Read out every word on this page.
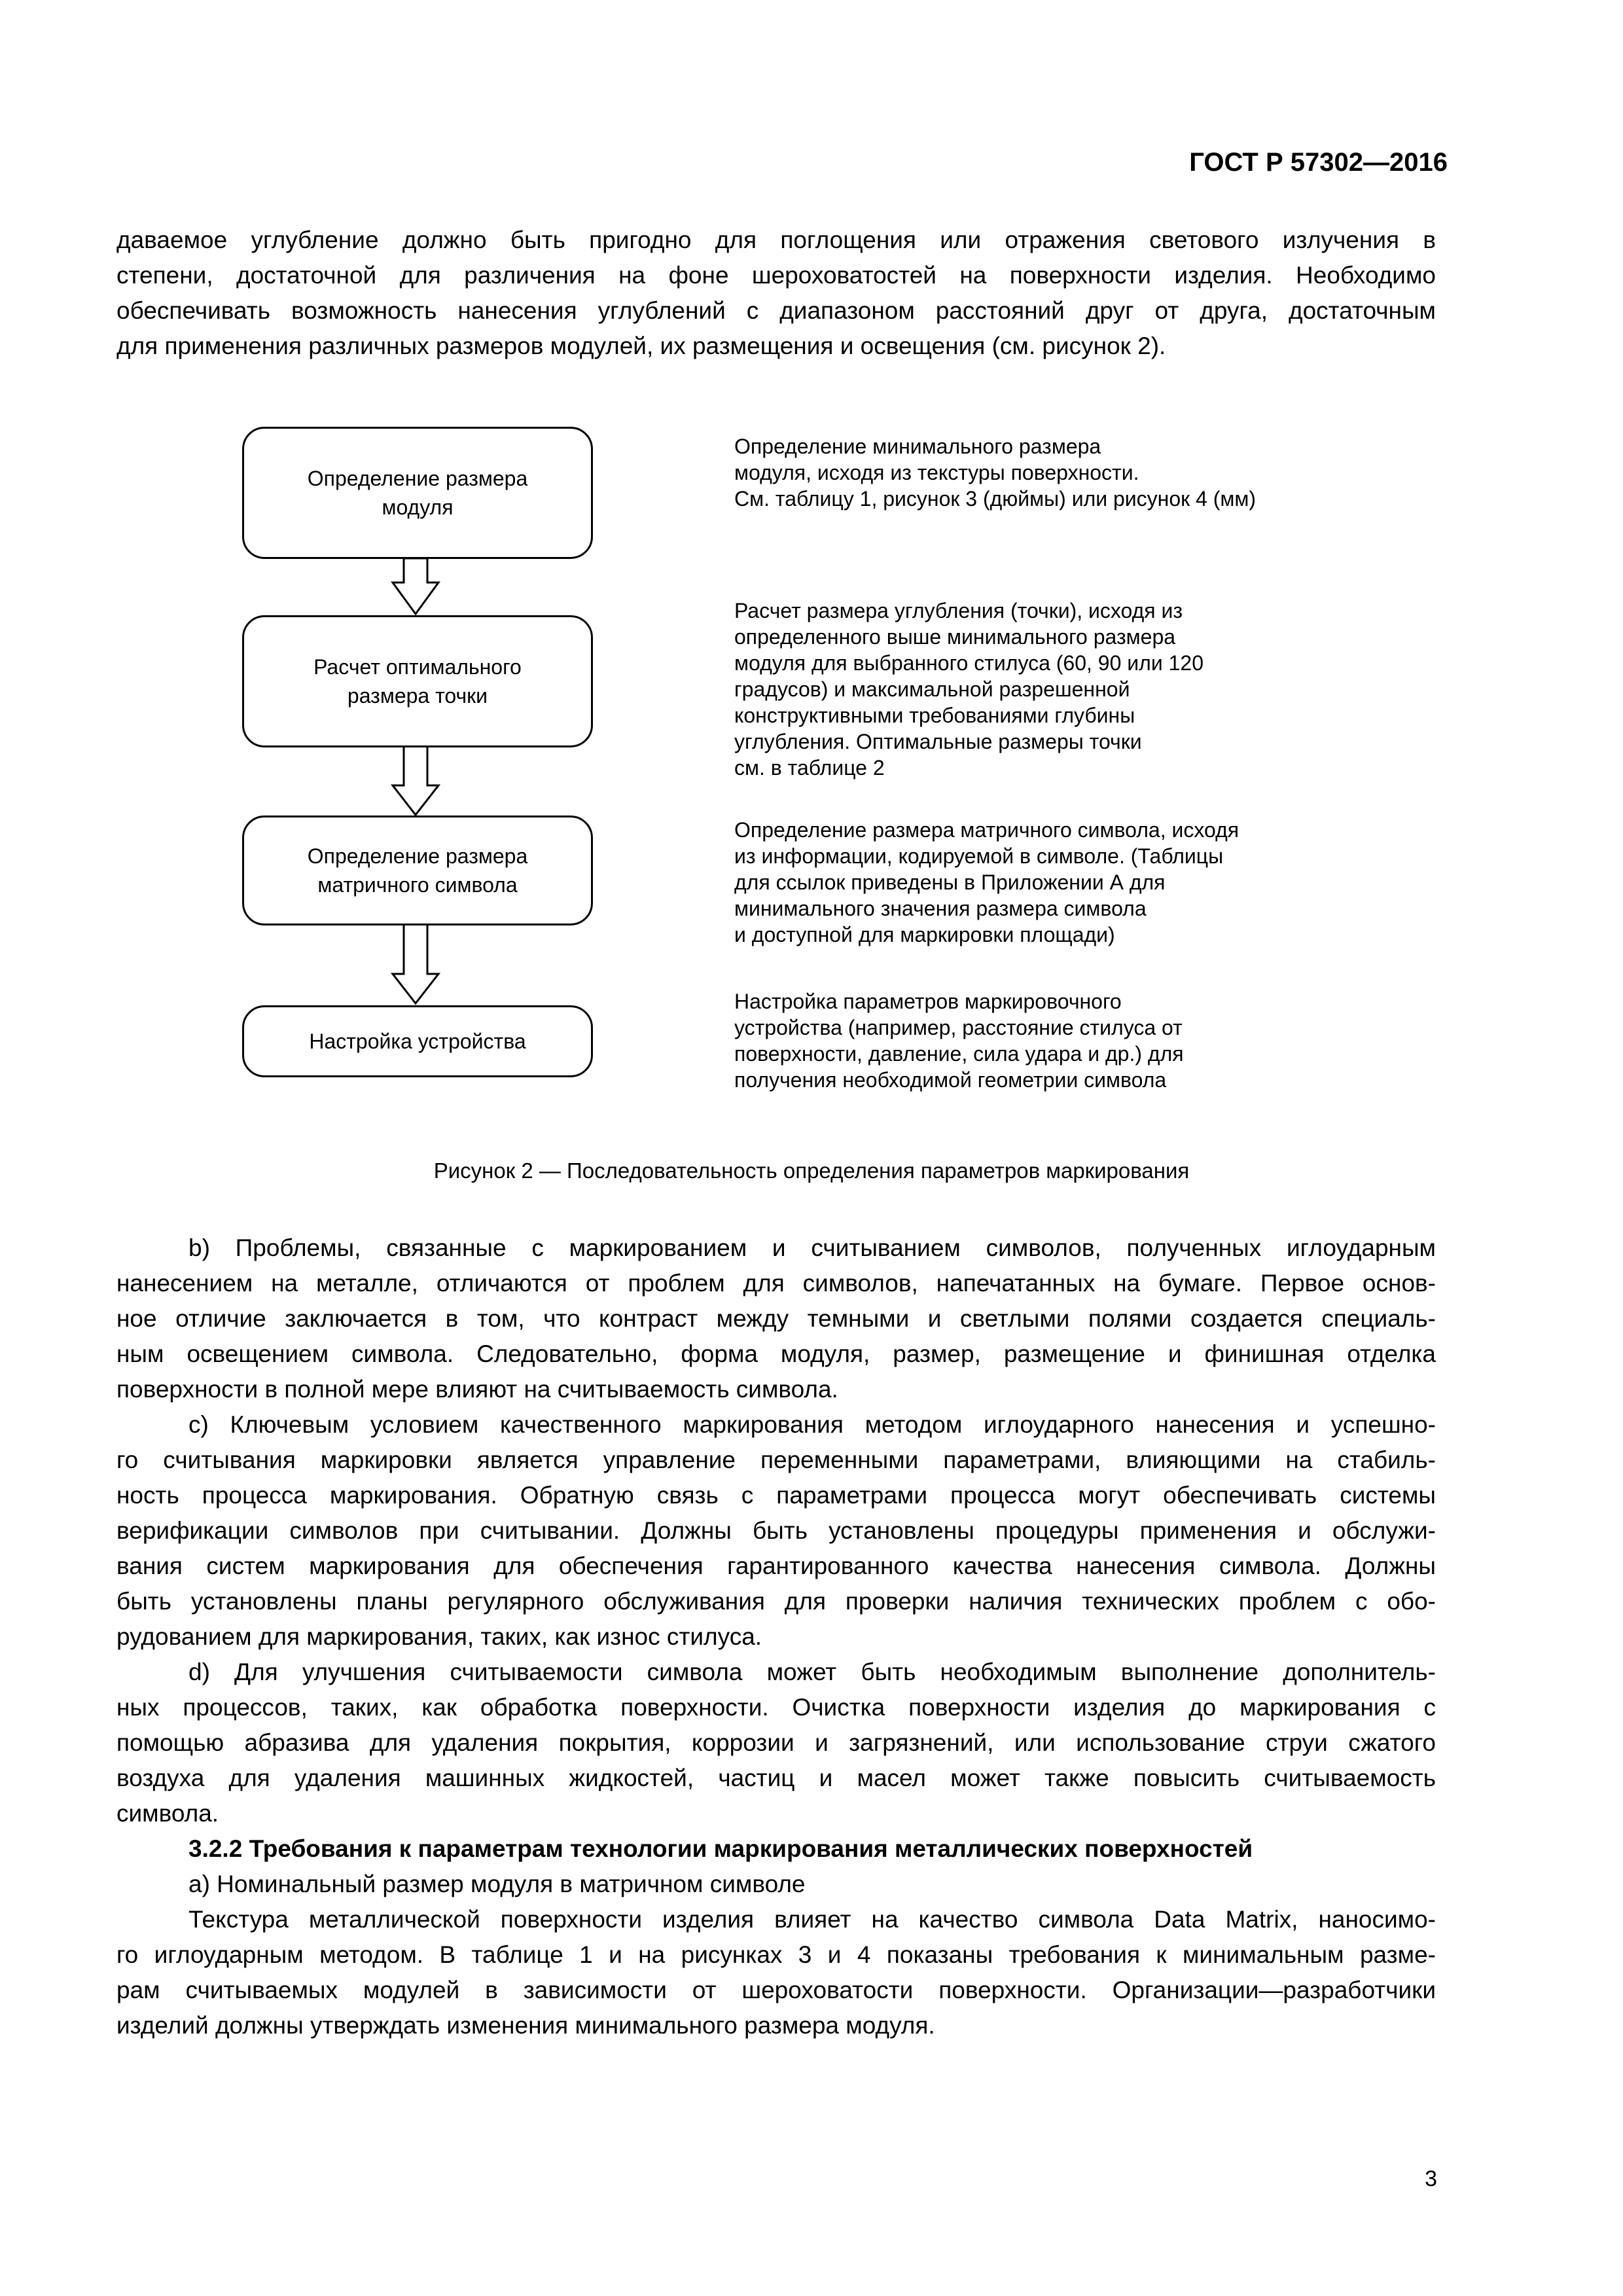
ГОСТ Р 57302—2016
даваемое углубление должно быть пригодно для поглощения или отражения светового излучения в
степени, достаточной для различения на фоне шероховатостей на поверхности изделия. Необходимо
обеспечивать возможность нанесения углублений с диапазоном расстояний друг от друга, достаточным
для применения различных размеров модулей, их размещения и освещения (см. рисунок 2).
Определение размера
модуля
Расчет оптимального
размера точки
Определение размера
матричного символа
Настройка устройства
Определение минимального размера
модуля, исходя из текстуры поверхности.
См. таблицу 1, рисунок 3 (дюймы) или рисунок 4 (мм)
Расчет размера углубления (точки), исходя из
определенного выше минимального размера
модуля для выбранного стилуса (60, 90 или 120
градусов) и максимальной разрешенной
конструктивными требованиями глубины
углубления. Оптимальные размеры точки
см. в таблице 2
Определение размера матричного символа, исходя
из информации, кодируемой в символе. (Таблицы
для ссылок приведены в Приложении А для
минимального значения размера символа
и доступной для маркировки площади)
Настройка параметров маркировочного
устройства (например, расстояние стилуса от
поверхности, давление, сила удара и др.) для
получения необходимой геометрии символа
Рисунок 2 — Последовательность определения параметров маркирования
b) Проблемы, связанные с маркированием и считыванием символов, полученных иглоударным
нанесением на металле, отличаются от проблем для символов, напечатанных на бумаге. Первое основ-
ное отличие заключается в том, что контраст между темными и светлыми полями создается специаль-
ным освещением символа. Следовательно, форма модуля, размер, размещение и финишная отделка
поверхности в полной мере влияют на считываемость символа.
c) Ключевым условием качественного маркирования методом иглоударного нанесения и успешно-
го считывания маркировки является управление переменными параметрами, влияющими на стабиль-
ность процесса маркирования. Обратную связь с параметрами процесса могут обеспечивать системы
верификации символов при считывании. Должны быть установлены процедуры применения и обслужи-
вания систем маркирования для обеспечения гарантированного качества нанесения символа. Должны
быть установлены планы регулярного обслуживания для проверки наличия технических проблем с обо-
рудованием для маркирования, таких, как износ стилуса.
d) Для улучшения считываемости символа может быть необходимым выполнение дополнитель-
ных процессов, таких, как обработка поверхности. Очистка поверхности изделия до маркирования с
помощью абразива для удаления покрытия, коррозии и загрязнений, или использование струи сжатого
воздуха для удаления машинных жидкостей, частиц и масел может также повысить считываемость
символа.
3.2.2 Требования к параметрам технологии маркирования металлических поверхностей
а) Номинальный размер модуля в матричном символе
Текстура металлической поверхности изделия влияет на качество символа Data Matrix, наносимо-
го иглоударным методом. В таблице 1 и на рисунках 3 и 4 показаны требования к минимальным разме-
рам считываемых модулей в зависимости от шероховатости поверхности. Организации—разработчики
изделий должны утверждать изменения минимального размера модуля.
3
